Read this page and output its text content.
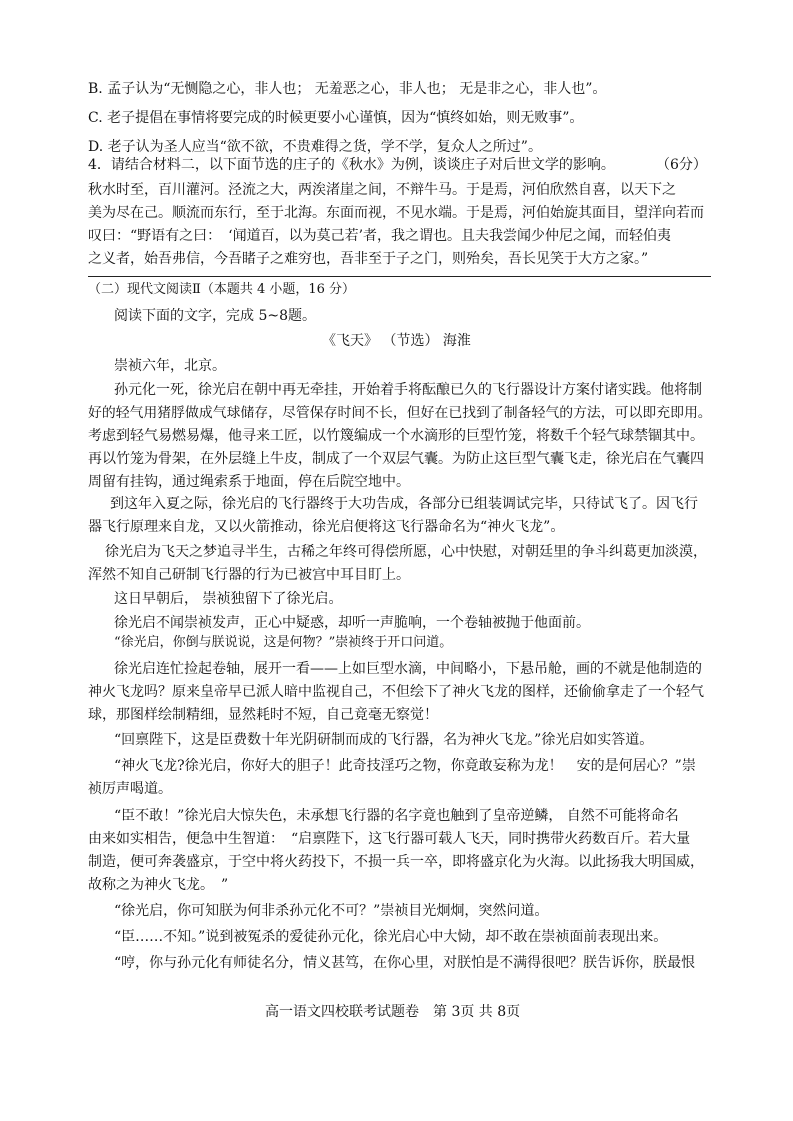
B. 孟子认为“无恻隐之心，非人也； 无羞恶之心，非人也； 无是非之心，非人也”。
C. 老子提倡在事情将要完成的时候更要小心谨慎，因为“慎终如始，则无败事”。
D. 老子认为圣人应当“欲不欲，不贵难得之货，学不学，复众人之所过”。
4．请结合材料二，以下面节选的庄子的《秋水》为例，谈谈庄子对后世文学的影响。	（6分）
秋水时至，百川灌河。泾流之大，两涘渚崖之间，不辩牛马。于是焉，河伯欣然自喜，以天下之
美为尽在己。顺流而东行，至于北海。东面而视，不见水端。于是焉，河伯始旋其面目，望洋向若而
叹曰：“野语有之曰：　‘闻道百，以为莫己若’者，我之谓也。且夫我尝闻少仲尼之闻，而轻伯夷
之义者，始吾弗信，今吾睹子之难穷也，吾非至于子之门，则殆矣，吾长见笑于大方之家。”
（二）现代文阅读Ⅱ（本题共 4 小题，16 分）
阅读下面的文字，完成 5~8题。
《飞天》 （节选） 海淮
崇祯六年，北京。
孙元化一死，徐光启在朝中再无牵挂，开始着手将酝酿已久的飞行器设计方案付诸实践。他将制
好的轻气用猪脬做成气球储存，尽管保存时间不长，但好在已找到了制备轻气的方法，可以即充即用。
考虑到轻气易燃易爆，他寻来工匠，以竹篾编成一个水滴形的巨型竹笼，将数千个轻气球禁锢其中。
再以竹笼为骨架，在外层缝上牛皮，制成了一个双层气囊。为防止这巨型气囊飞走，徐光启在气囊四
周留有挂钩，通过绳索系于地面，停在后院空地中。
到这年入夏之际，徐光启的飞行器终于大功告成，各部分已组装调试完毕，只待试飞了。因飞行
器飞行原理来自龙，又以火箭推动，徐光启便将这飞行器命名为“神火飞龙”。
徐光启为飞天之梦追寻半生，古稀之年终可得偿所愿，心中快慰，对朝廷里的争斗纠葛更加淡漠，
浑然不知自己研制飞行器的行为已被宫中耳目盯上。
这日早朝后， 崇祯独留下了徐光启。
徐光启不闻崇祯发声，正心中疑惑，却听一声脆响，一个卷轴被抛于他面前。
“徐光启，你倒与朕说说，这是何物？”崇祯终于开口问道。
徐光启连忙捡起卷轴，展开一看——上如巨型水滴，中间略小，下悬吊舱，画的不就是他制造的
神火飞龙吗？原来皇帝早已派人暗中监视自己，不但绘下了神火飞龙的图样，还偷偷拿走了一个轻气
球，那图样绘制精细，显然耗时不短，自己竟毫无察觉！
“回禀陛下，这是臣费数十年光阴研制而成的飞行器，名为神火飞龙。”徐光启如实答道。
“神火飞龙?徐光启，你好大的胆子！此奇技淫巧之物，你竟敢妄称为龙！　安的是何居心？”崇
祯厉声喝道。
“臣不敢！”徐光启大惊失色，未承想飞行器的名字竟也触到了皇帝逆鳞， 自然不可能将命名
由来如实相告，便急中生智道：　“启禀陛下，这飞行器可载人飞天，同时携带火药数百斤。若大量
制造，便可奔袭盛京，于空中将火药投下，不损一兵一卒，即将盛京化为火海。以此扬我大明国威，
故称之为神火飞龙。　”
“徐光启，你可知朕为何非杀孙元化不可？”崇祯目光炯炯，突然问道。
“臣……不知。”说到被冤杀的爱徒孙元化，徐光启心中大恸，却不敢在崇祯面前表现出来。
“哼，你与孙元化有师徒名分，情义甚笃，在你心里，对朕怕是不满得很吧？朕告诉你，朕最恨
高一语文四校联考试题卷　第 3页 共 8页
